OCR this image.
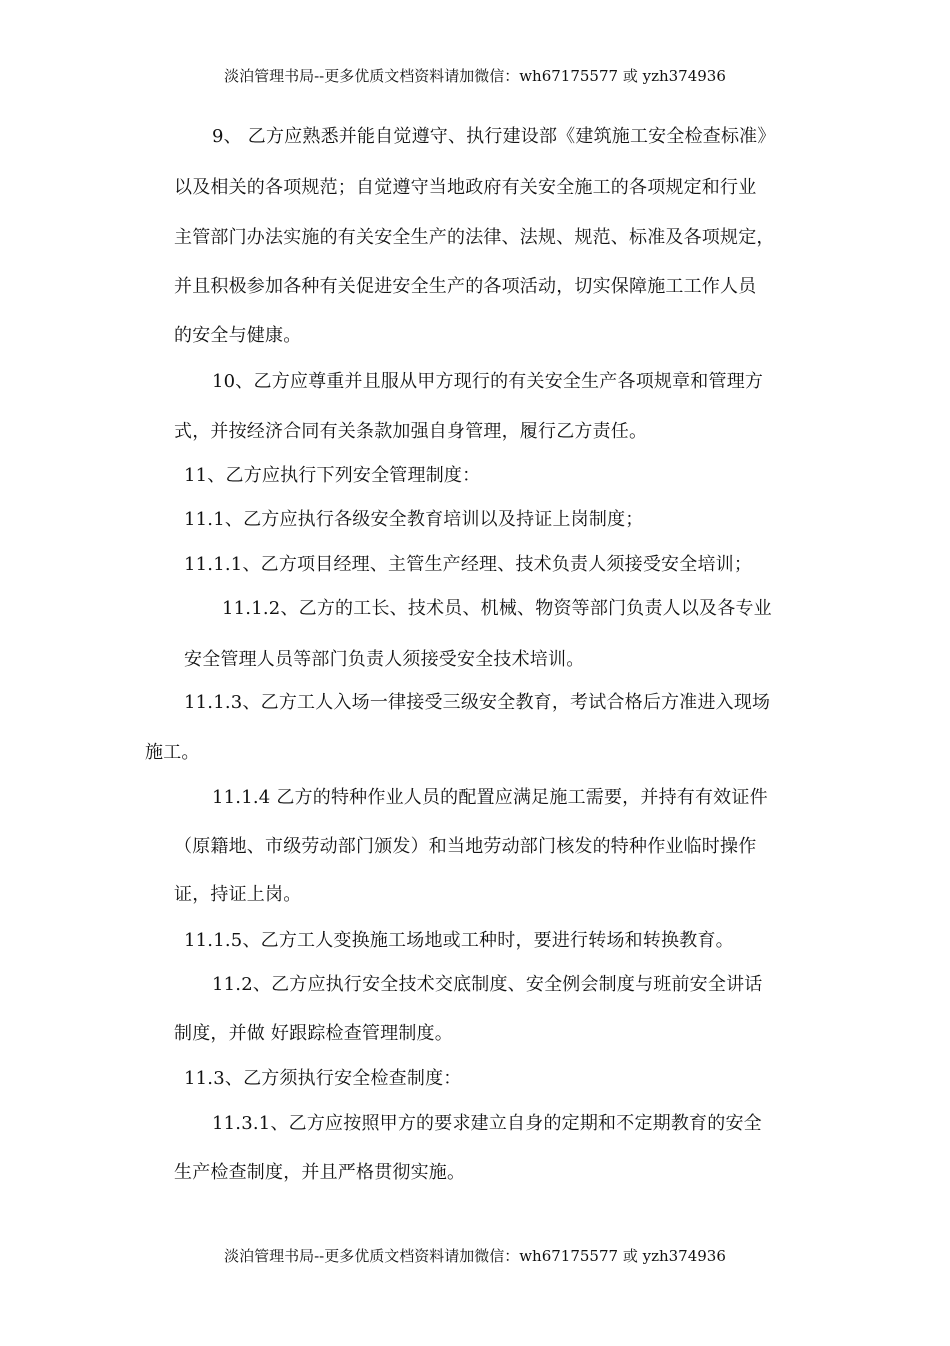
淡泊管理书局--更多优质文档资料请加微信：wh67175577 或 yzh374936
9、 乙方应熟悉并能自觉遵守、执行建设部《建筑施工安全检查标准》
以及相关的各项规范；自觉遵守当地政府有关安全施工的各项规定和行业
主管部门办法实施的有关安全生产的法律、法规、规范、标准及各项规定，
并且积极参加各种有关促进安全生产的各项活动，切实保障施工工作人员
的安全与健康。
10、乙方应尊重并且服从甲方现行的有关安全生产各项规章和管理方
式，并按经济合同有关条款加强自身管理，履行乙方责任。
11、乙方应执行下列安全管理制度：
11.1、乙方应执行各级安全教育培训以及持证上岗制度；
11.1.1、乙方项目经理、主管生产经理、技术负责人须接受安全培训；
11.1.2、乙方的工长、技术员、机械、物资等部门负责人以及各专业
安全管理人员等部门负责人须接受安全技术培训。
11.1.3、乙方工人入场一律接受三级安全教育，考试合格后方准进入现场
施工。
11.1.4 乙方的特种作业人员的配置应满足施工需要，并持有有效证件
（原籍地、市级劳动部门颁发）和当地劳动部门核发的特种作业临时操作
证，持证上岗。
11.1.5、乙方工人变换施工场地或工种时，要进行转场和转换教育。
11.2、乙方应执行安全技术交底制度、安全例会制度与班前安全讲话
制度，并做 好跟踪检查管理制度。
11.3、乙方须执行安全检查制度：
11.3.1、乙方应按照甲方的要求建立自身的定期和不定期教育的安全
生产检查制度，并且严格贯彻实施。
淡泊管理书局--更多优质文档资料请加微信：wh67175577 或 yzh374936
